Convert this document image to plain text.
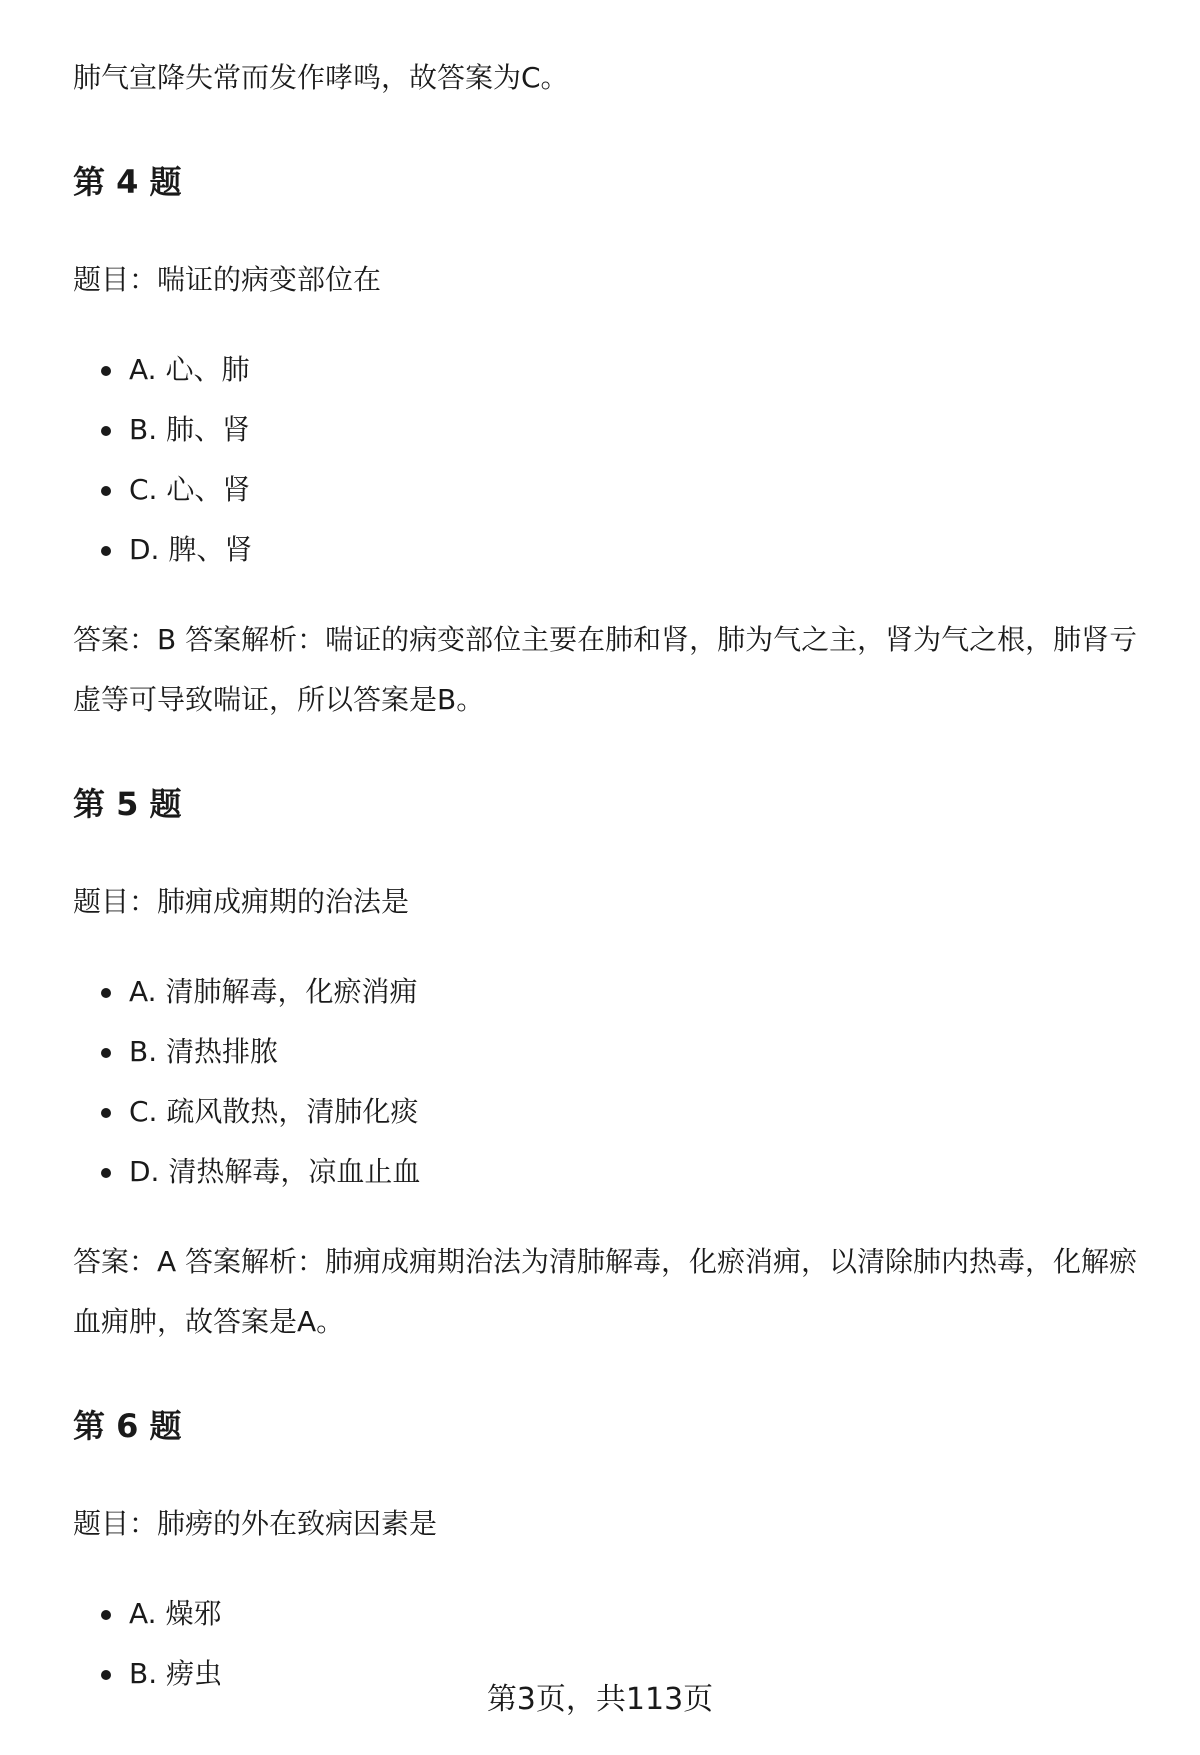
肺气宣降失常而发作哮鸣，故答案为C。

第 4 题

题目：喘证的病变部位在

A. 心、肺
B. 肺、肾
C. 心、肾
D. 脾、肾

答案：B 答案解析：喘证的病变部位主要在肺和肾，肺为气之主，肾为气之根，肺肾亏虚等可导致喘证，所以答案是B。

第 5 题

题目：肺痈成痈期的治法是

A. 清肺解毒，化瘀消痈
B. 清热排脓
C. 疏风散热，清肺化痰
D. 清热解毒，凉血止血

答案：A 答案解析：肺痈成痈期治法为清肺解毒，化瘀消痈，以清除肺内热毒，化解瘀血痈肿，故答案是A。

第 6 题

题目：肺痨的外在致病因素是

A. 燥邪
B. 痨虫
第3页，共113页
